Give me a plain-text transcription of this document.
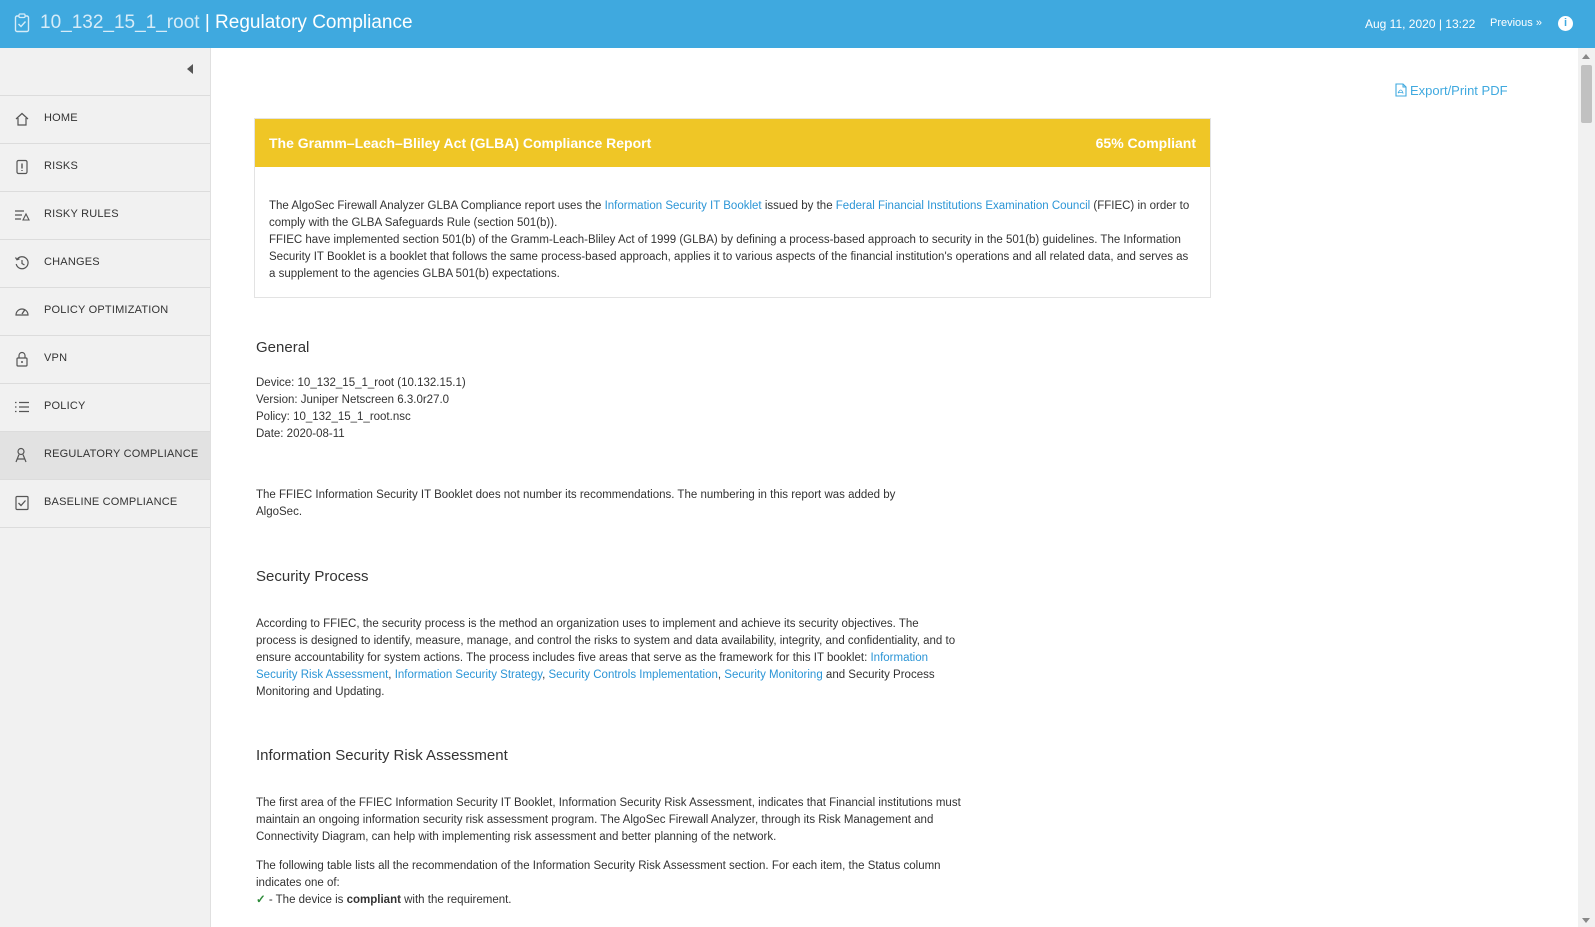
10_132_15_1_root | Regulatory Compliance	Aug 11, 2020 | 13:22 Previous »	i
HOME
RISKS
RISKY RULES
CHANGES
POLICY OPTIMIZATION
VPN
POLICY
REGULATORY COMPLIANCE
BASELINE COMPLIANCE
Export/Print PDF
The Gramm–Leach–Bliley Act (GLBA) Compliance Report	65% Compliant
The AlgoSec Firewall Analyzer GLBA Compliance report uses the Information Security IT Booklet issued by the Federal Financial Institutions Examination Council (FFIEC) in order to comply with the GLBA Safeguards Rule (section 501(b)).
FFIEC have implemented section 501(b) of the Gramm-Leach-Bliley Act of 1999 (GLBA) by defining a process-based approach to security in the 501(b) guidelines. The Information Security IT Booklet is a booklet that follows the same process-based approach, applies it to various aspects of the financial institution's operations and all related data, and serves as a supplement to the agencies GLBA 501(b) expectations.
General
Device: 10_132_15_1_root (10.132.15.1)
Version: Juniper Netscreen 6.3.0r27.0
Policy: 10_132_15_1_root.nsc
Date: 2020-08-11
The FFIEC Information Security IT Booklet does not number its recommendations. The numbering in this report was added by AlgoSec.
Security Process
According to FFIEC, the security process is the method an organization uses to implement and achieve its security objectives. The process is designed to identify, measure, manage, and control the risks to system and data availability, integrity, and confidentiality, and to ensure accountability for system actions. The process includes five areas that serve as the framework for this IT booklet: Information Security Risk Assessment, Information Security Strategy, Security Controls Implementation, Security Monitoring and Security Process Monitoring and Updating.
Information Security Risk Assessment

The first area of the FFIEC Information Security IT Booklet, Information Security Risk Assessment, indicates that Financial institutions must maintain an ongoing information security risk assessment program. The AlgoSec Firewall Analyzer, through its Risk Management and Connectivity Diagram, can help with implementing risk assessment and better planning of the network.

The following table lists all the recommendation of the Information Security Risk Assessment section. For each item, the Status column indicates one of:

✓ - The device is compliant with the requirement.
